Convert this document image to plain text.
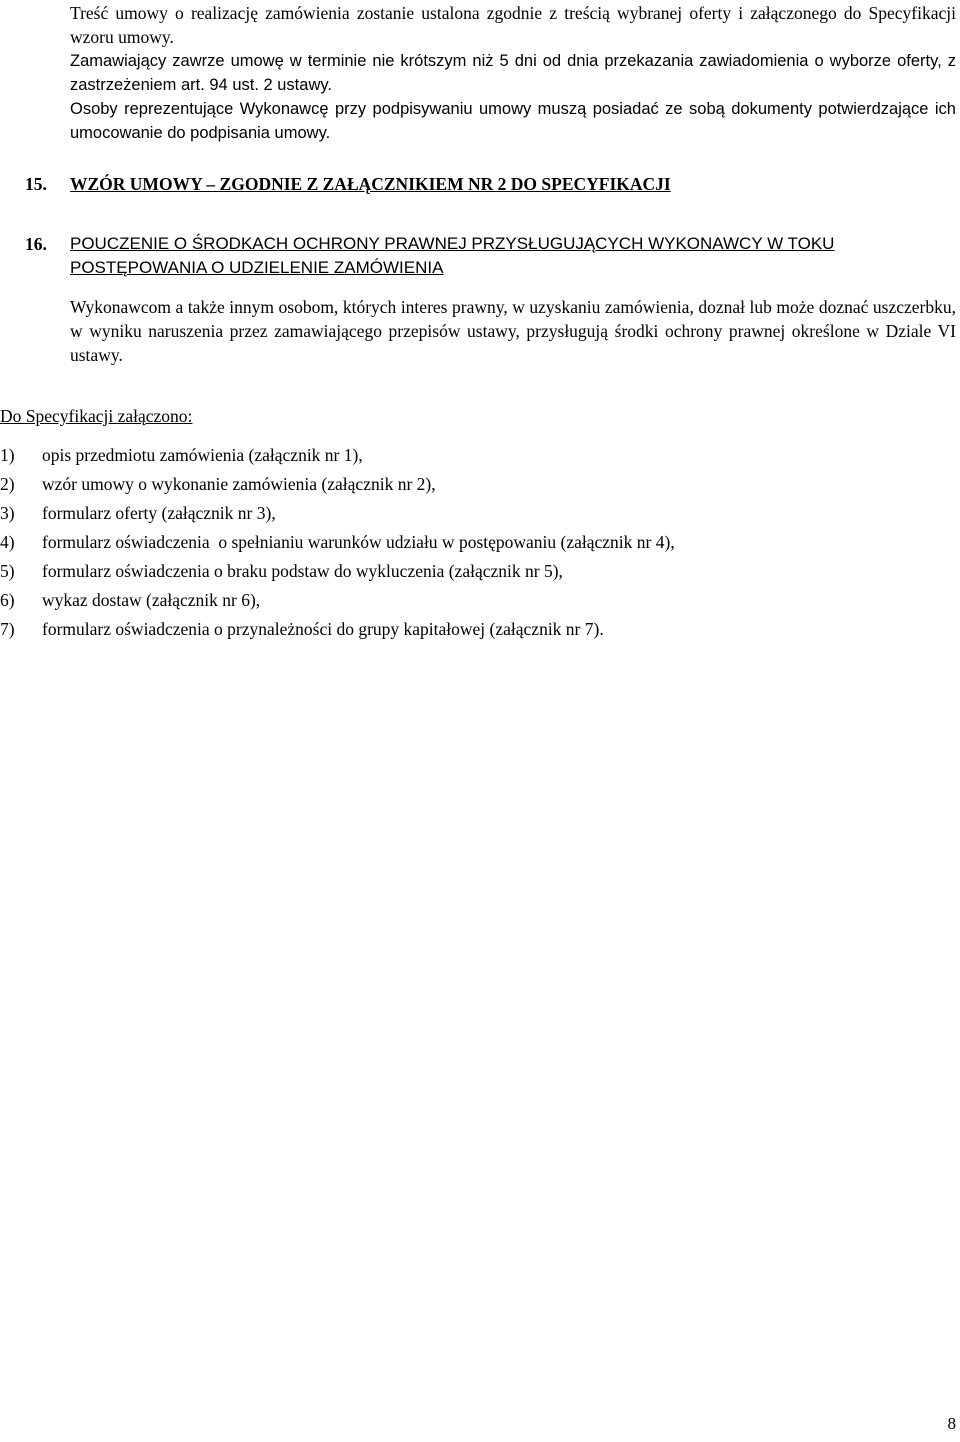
Treść umowy o realizację zamówienia zostanie ustalona zgodnie z treścią wybranej oferty i załączonego do Specyfikacji wzoru umowy.

Zamawiający zawrze umowę w terminie nie krótszym niż 5 dni od dnia przekazania zawiadomienia o wyborze oferty, z zastrzeżeniem art. 94 ust. 2 ustawy.

Osoby reprezentujące Wykonawcę przy podpisywaniu umowy muszą posiadać ze sobą dokumenty potwierdzające ich umocowanie do podpisania umowy.

15.	WZÓR UMOWY – ZGODNIE Z ZAŁĄCZNIKIEM NR 2 DO SPECYFIKACJI
16.	POUCZENIE O ŚRODKACH OCHRONY PRAWNEJ PRZYSŁUGUJĄCYCH WYKONAWCY W TOKU POSTĘPOWANIA O UDZIELENIE ZAMÓWIENIA

Wykonawcom a także innym osobom, których interes prawny, w uzyskaniu zamówienia, doznał lub może doznać uszczerbku, w wyniku naruszenia przez zamawiającego przepisów ustawy, przysługują środki ochrony prawnej określone w Dziale VI ustawy.

Do Specyfikacji załączono:

1) opis przedmiotu zamówienia (załącznik nr 1),
2) wzór umowy o wykonanie zamówienia (załącznik nr 2),
3) formularz oferty (załącznik nr 3),
4) formularz oświadczenia  o spełnianiu warunków udziału w postępowaniu (załącznik nr 4),
5) formularz oświadczenia o braku podstaw do wykluczenia (załącznik nr 5),
6) wykaz dostaw (załącznik nr 6),
7) formularz oświadczenia o przynależności do grupy kapitałowej (załącznik nr 7).
8
